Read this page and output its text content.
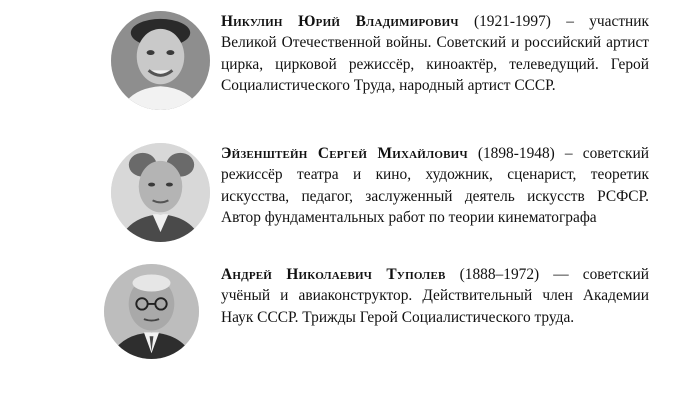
Никулин Юрий Владимирович (1921-1997) – участник Великой Отечественной войны. Советский и российский артист цирка, цирковой режиссёр, киноактёр, телеведущий. Герой Социалистического Труда, народный артист СССР.

Эйзенштейн Сергей Михайлович (1898-1948) – советский режиссёр театра и кино, художник, сценарист, теоретик искусства, педагог, заслуженный деятель искусств РСФСР. Автор фундаментальных работ по теории кинематографа

Андрей Николаевич Туполев (1888–1972) — советский учёный и авиаконструктор. Действительный член Академии Наук СССР. Трижды Герой Социалистического труда.
